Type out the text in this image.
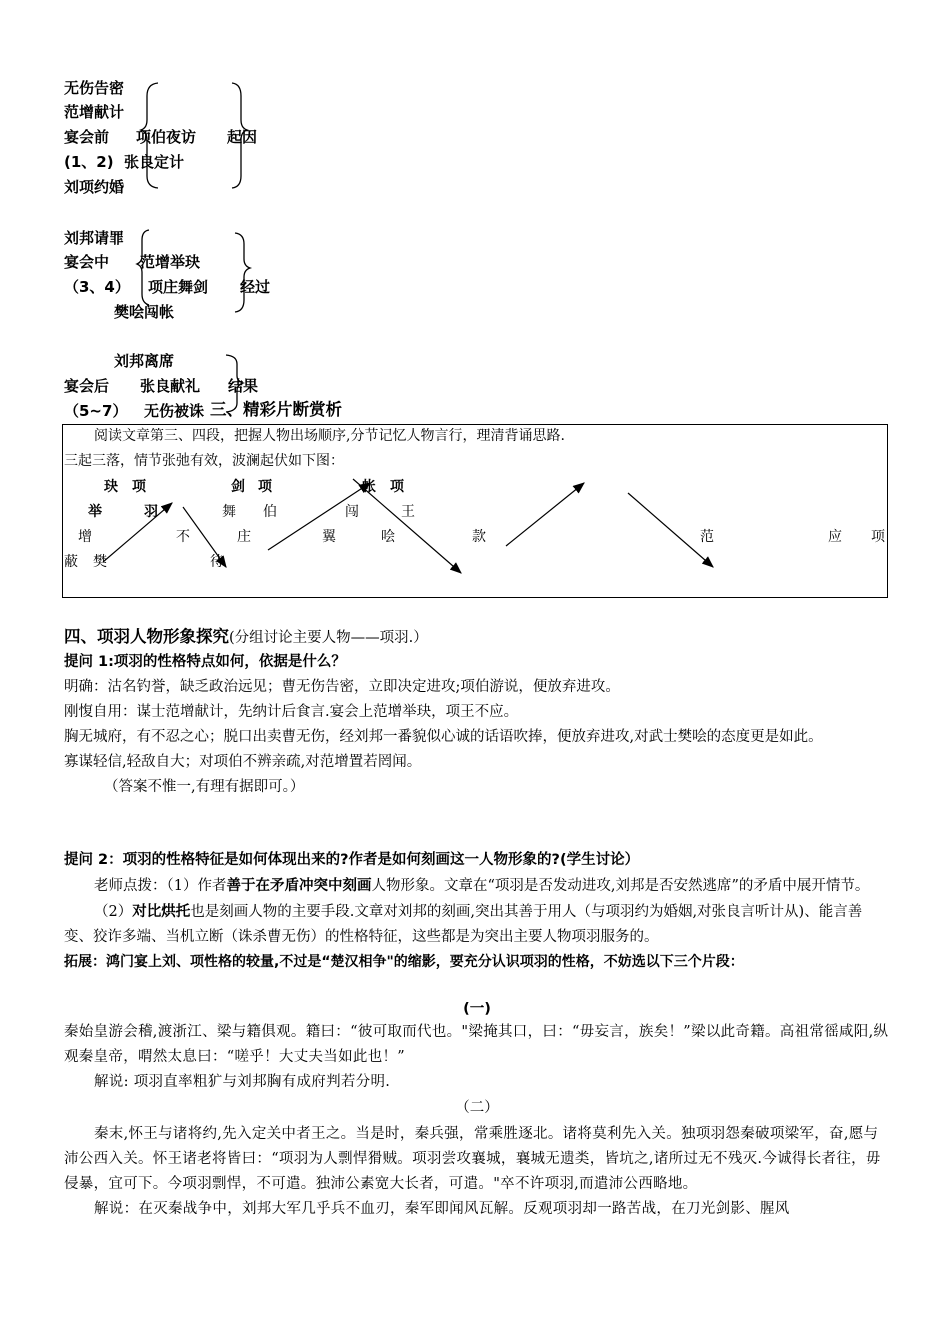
无伤告密
范增献计
宴会前 项伯夜访 起因
(1、2) 张良定计
刘项约婚
刘邦请罪
宴会中 范增举玦
（3、4） 项庄舞剑 经过
樊哙闯帐
刘邦离席
宴会后 张良献礼 结果
（5~7） 无伤被诛 三、精彩片断赏析
阅读文章第三、四段，把握人物出场顺序,分节记忆人物言行，理清背诵思路.
三起三落，情节张弛有效，波澜起伏如下图：
玦 项	剑 项	帐 项
举	羽	舞 伯	闯	王
增	不	庄	翼	哙	款	范	应 项
蔽 樊	待
四、项羽人物形象探究(分组讨论主要人物——项羽.）

提问 1:项羽的性格特点如何，依据是什么？

明确：沽名钓誉，缺乏政治远见；曹无伤告密，立即决定进攻;项伯游说，便放弃进攻。

刚愎自用：谋士范增献计，先纳计后食言.宴会上范增举玦，项王不应。

胸无城府，有不忍之心；脱口出卖曹无伤，经刘邦一番貌似心诚的话语吹捧，便放弃进攻,对武士樊哙的态度更是如此。

寡谋轻信,轻敌自大；对项伯不辨亲疏,对范增置若罔闻。

（答案不惟一,有理有据即可。）

提问 2：项羽的性格特征是如何体现出来的?作者是如何刻画这一人物形象的?(学生讨论）

老师点拨：（1）作者善于在矛盾冲突中刻画人物形象。文章在“项羽是否发动进攻,刘邦是否安然逃席”的矛盾中展开情节。

（2）对比烘托也是刻画人物的主要手段.文章对刘邦的刻画,突出其善于用人（与项羽约为婚姻,对张良言听计从)、能言善变、狡诈多端、当机立断（诛杀曹无伤）的性格特征，这些都是为突出主要人物项羽服务的。

拓展：鸿门宴上刘、项性格的较量,不过是“楚汉相争"的缩影，要充分认识项羽的性格，不妨选以下三个片段：

(一)

秦始皇游会稽,渡浙江、梁与籍俱观。籍曰：“彼可取而代也。"梁掩其口，曰：“毋妄言，族矣！”梁以此奇籍。高祖常徭咸阳,纵观秦皇帝，喟然太息曰：“嗟乎！大丈夫当如此也！”

解说: 项羽直率粗犷与刘邦胸有成府判若分明.

（二）

秦末,怀王与诸将约,先入定关中者王之。当是时，秦兵强，常乘胜逐北。诸将莫利先入关。独项羽怨秦破项梁军，奋,愿与沛公西入关。怀王诸老将皆曰：“项羽为人剽悍猾贼。项羽尝攻襄城，襄城无遗类，皆坑之,诸所过无不残灭.今诚得长者往，毋侵暴，宜可下。今项羽剽悍，不可遣。独沛公素宽大长者，可遣。"卒不许项羽,而遣沛公西略地。

解说：在灭秦战争中，刘邦大军几乎兵不血刃，秦军即闻风瓦解。反观项羽却一路苦战，在刀光剑影、腥风
